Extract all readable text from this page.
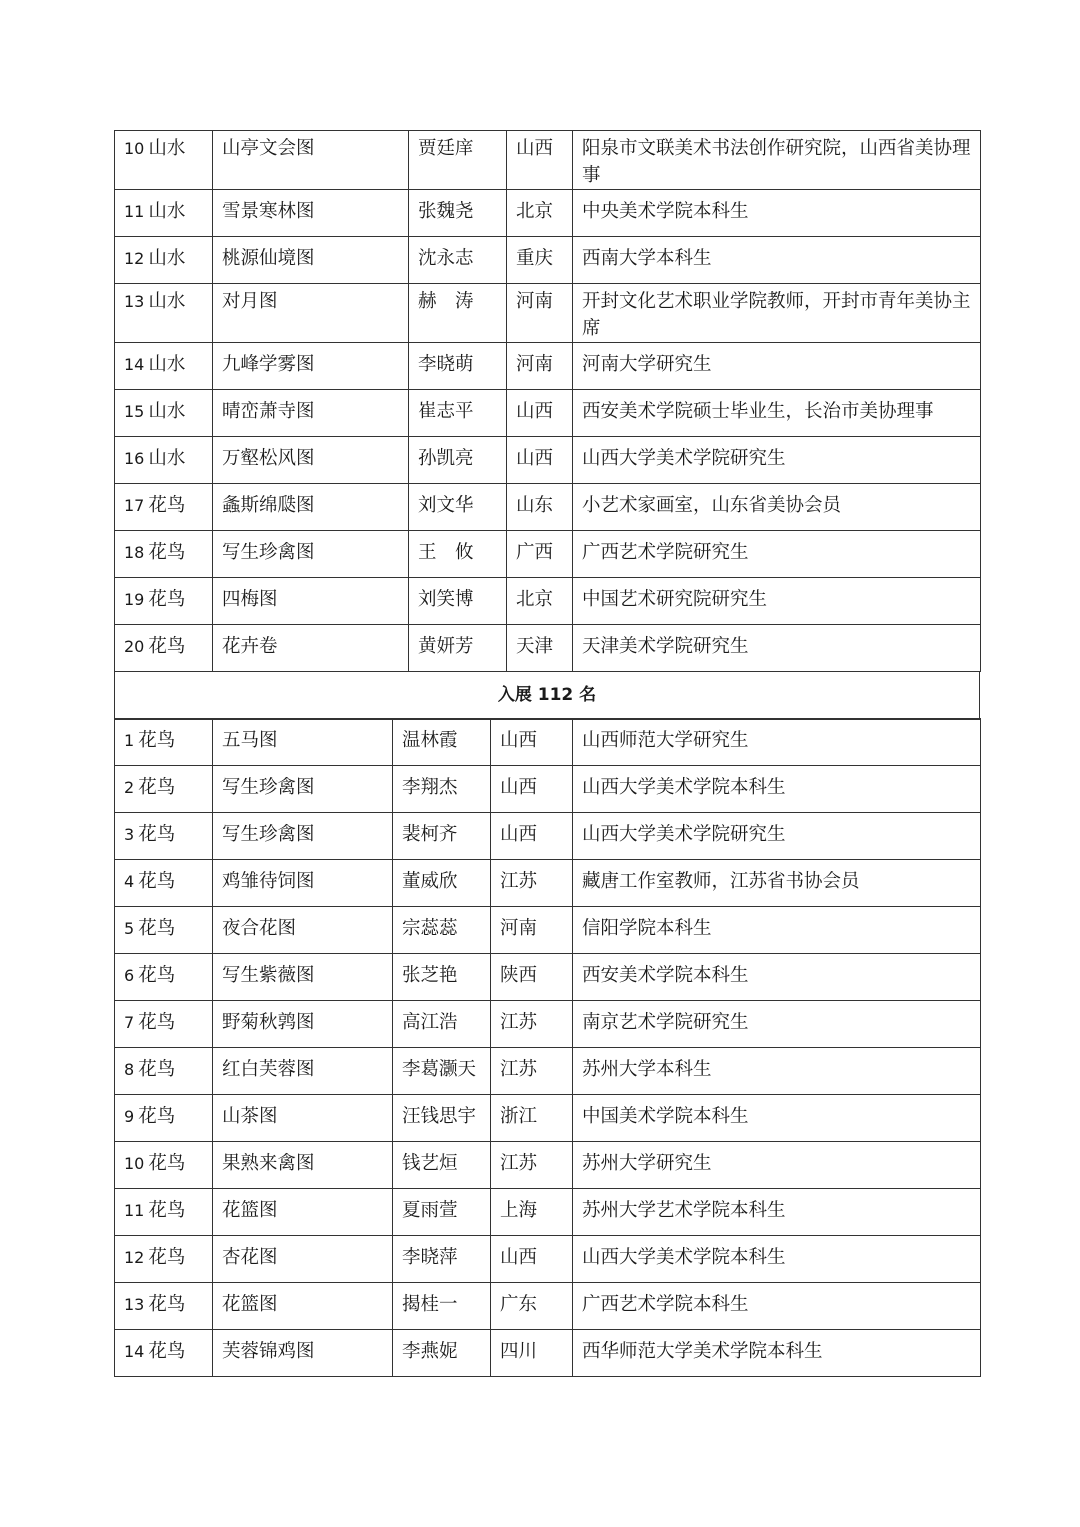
10 山水	山亭文会图	贾廷庠	山西	阳泉市文联美术书法创作研究院，山西省美协理事
11 山水	雪景寒林图	张魏尧	北京	中央美术学院本科生
12 山水	桃源仙境图	沈永志	重庆	西南大学本科生
13 山水	对月图	赫　涛	河南	开封文化艺术职业学院教师，开封市青年美协主席
14 山水	九峰学雾图	李晓萌	河南	河南大学研究生
15 山水	晴峦萧寺图	崔志平	山西	西安美术学院硕士毕业生，长治市美协理事
16 山水	万壑松风图	孙凯亮	山西	山西大学美术学院研究生
17 花鸟	螽斯绵瓞图	刘文华	山东	小艺术家画室，山东省美协会员
18 花鸟	写生珍禽图	王　攸	广西	广西艺术学院研究生
19 花鸟	四梅图	刘笑博	北京	中国艺术研究院研究生
20 花鸟	花卉卷	黄妍芳	天津	天津美术学院研究生
入展 112 名
1 花鸟	五马图	温林霞	山西	山西师范大学研究生
2 花鸟	写生珍禽图	李翔杰	山西	山西大学美术学院本科生
3 花鸟	写生珍禽图	裴柯齐	山西	山西大学美术学院研究生
4 花鸟	鸡雏待饲图	董威欣	江苏	藏唐工作室教师，江苏省书协会员
5 花鸟	夜合花图	宗蕊蕊	河南	信阳学院本科生
6 花鸟	写生紫薇图	张芝艳	陕西	西安美术学院本科生
7 花鸟	野菊秋鹑图	高江浩	江苏	南京艺术学院研究生
8 花鸟	红白芙蓉图	李葛灏天	江苏	苏州大学本科生
9 花鸟	山茶图	汪钱思宇	浙江	中国美术学院本科生
10 花鸟	果熟来禽图	钱艺烜	江苏	苏州大学研究生
11 花鸟	花篮图	夏雨萱	上海	苏州大学艺术学院本科生
12 花鸟	杏花图	李晓萍	山西	山西大学美术学院本科生
13 花鸟	花篮图	揭桂一	广东	广西艺术学院本科生
14 花鸟	芙蓉锦鸡图	李燕妮	四川	西华师范大学美术学院本科生
